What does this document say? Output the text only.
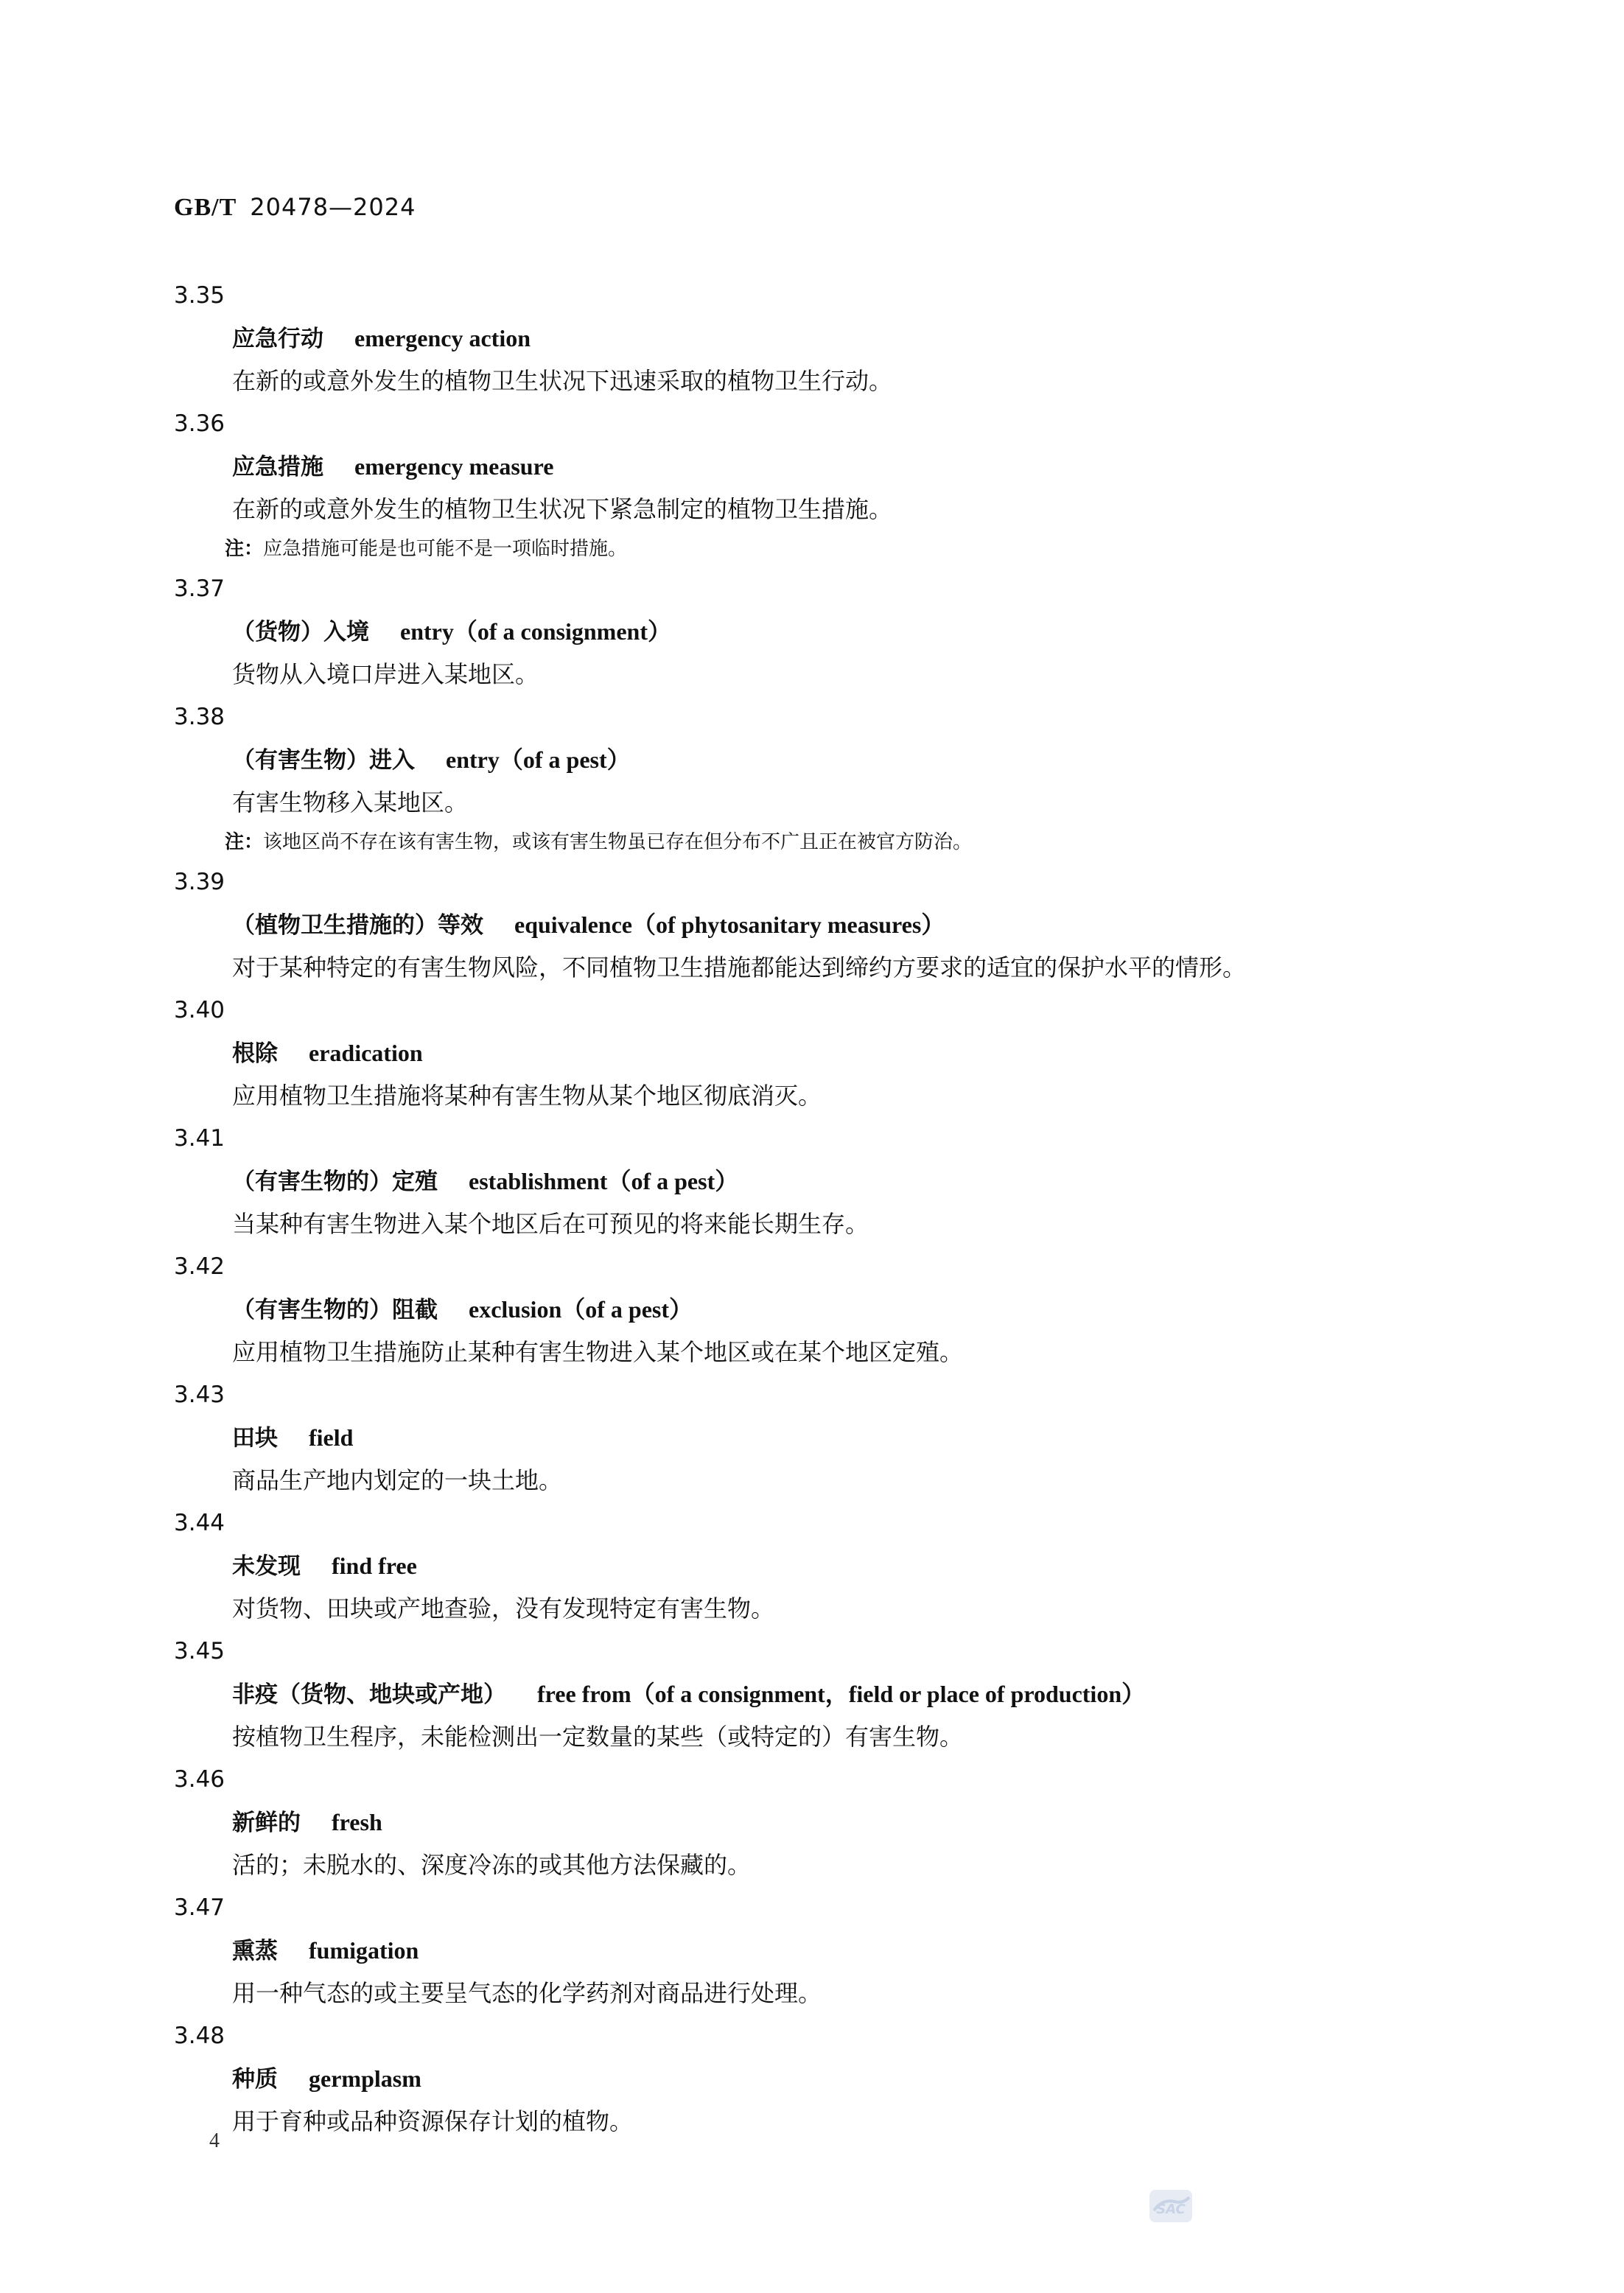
GB/T 20478—2024
3.35
应急行动 emergency action
在新的或意外发生的植物卫生状况下迅速采取的植物卫生行动。
3.36
应急措施 emergency measure
在新的或意外发生的植物卫生状况下紧急制定的植物卫生措施。
注：应急措施可能是也可能不是一项临时措施。
3.37
（货物）入境 entry（of a consignment）
货物从入境口岸进入某地区。
3.38
（有害生物）进入 entry（of a pest）
有害生物移入某地区。
注：该地区尚不存在该有害生物，或该有害生物虽已存在但分布不广且正在被官方防治。
3.39
（植物卫生措施的）等效 equivalence（of phytosanitary measures）
对于某种特定的有害生物风险，不同植物卫生措施都能达到缔约方要求的适宜的保护水平的情形。
3.40
根除 eradication
应用植物卫生措施将某种有害生物从某个地区彻底消灭。
3.41
（有害生物的）定殖 establishment（of a pest）
当某种有害生物进入某个地区后在可预见的将来能长期生存。
3.42
（有害生物的）阻截 exclusion（of a pest）
应用植物卫生措施防止某种有害生物进入某个地区或在某个地区定殖。
3.43
田块 field
商品生产地内划定的一块土地。
3.44
未发现 find free
对货物、田块或产地查验，没有发现特定有害生物。
3.45
非疫（货物、地块或产地） free from（of a consignment，field or place of production）
按植物卫生程序，未能检测出一定数量的某些（或特定的）有害生物。
3.46
新鲜的 fresh
活的；未脱水的、深度冷冻的或其他方法保藏的。
3.47
熏蒸 fumigation
用一种气态的或主要呈气态的化学药剂对商品进行处理。
3.48
种质 germplasm
用于育种或品种资源保存计划的植物。
4
SAC
